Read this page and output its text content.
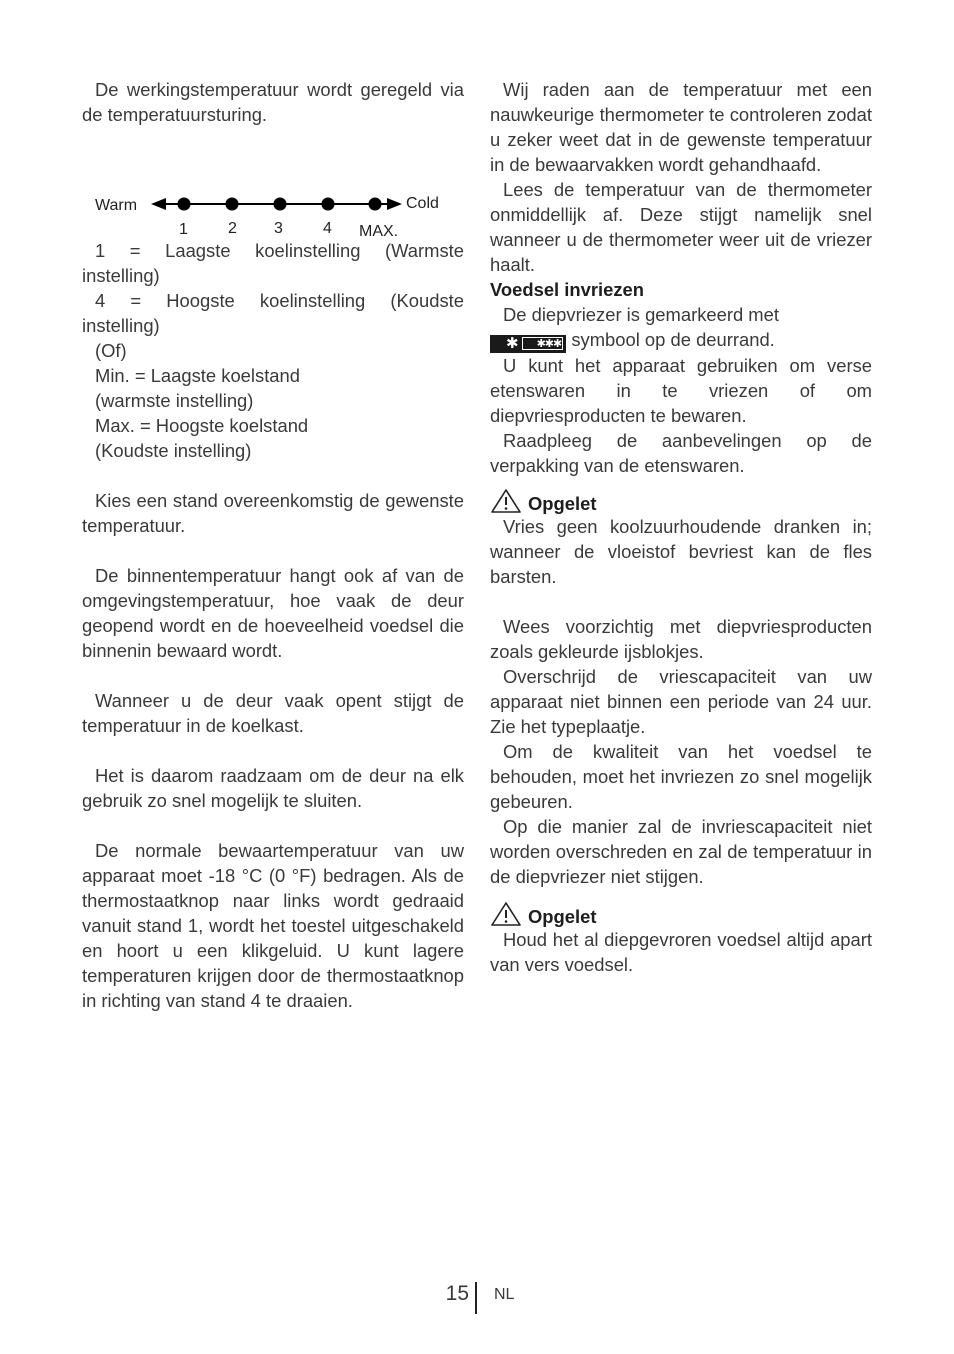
De werkingstemperatuur wordt geregeld via de temperatuursturing.

Warm	Cold
1	2 3	4 MAX.

1 = Laagste koelinstelling (Warmste instelling)

4 = Hoogste koelinstelling (Koudste instelling)

(Of)

Min. = Laagste koelstand

(warmste instelling)

Max. = Hoogste koelstand

(Koudste instelling)

Kies een stand overeenkomstig de gewenste temperatuur.

De binnentemperatuur hangt ook af van de omgevingstemperatuur, hoe vaak de deur geopend wordt en de hoeveelheid voedsel die binnenin bewaard wordt.

Wanneer u de deur vaak opent stijgt de temperatuur in de koelkast.

Het is daarom raadzaam om de deur na elk gebruik zo snel mogelijk te sluiten.

De normale bewaartemperatuur van uw apparaat moet -18 °C (0 °F) bedragen. Als de thermostaatknop naar links wordt gedraaid vanuit stand 1, wordt het toestel uitgeschakeld en hoort u een klikgeluid. U kunt lagere temperaturen krijgen door de thermostaatknop in richting van stand 4 te draaien.

Wij raden aan de temperatuur met een nauwkeurige thermometer te controleren zodat u zeker weet dat in de gewenste temperatuur in de bewaarvakken wordt gehandhaafd.

Lees de temperatuur van de thermometer onmiddellijk af. Deze stijgt namelijk snel wanneer u de thermometer weer uit de vriezer haalt.

Voedsel invriezen

De diepvriezer is gemarkeerd met

✱	✱✱✱ symbool op de deurrand.

U kunt het apparaat gebruiken om verse etenswaren in te vriezen of om diepvriesproducten te bewaren.

Raadpleeg de aanbevelingen op de verpakking van de etenswaren.

Opgelet

Vries geen koolzuurhoudende dranken in; wanneer de vloeistof bevriest kan de fles barsten.

Wees voorzichtig met diepvriesproducten zoals gekleurde ijsblokjes.

Overschrijd de vriescapaciteit van uw apparaat niet binnen een periode van 24 uur. Zie het typeplaatje.

Om de kwaliteit van het voedsel te behouden, moet het invriezen zo snel mogelijk gebeuren.

Op die manier zal de invriescapaciteit niet worden overschreden en zal de temperatuur in de diepvriezer niet stijgen.

Opgelet

Houd het al diepgevroren voedsel altijd apart van vers voedsel.

15 NL
